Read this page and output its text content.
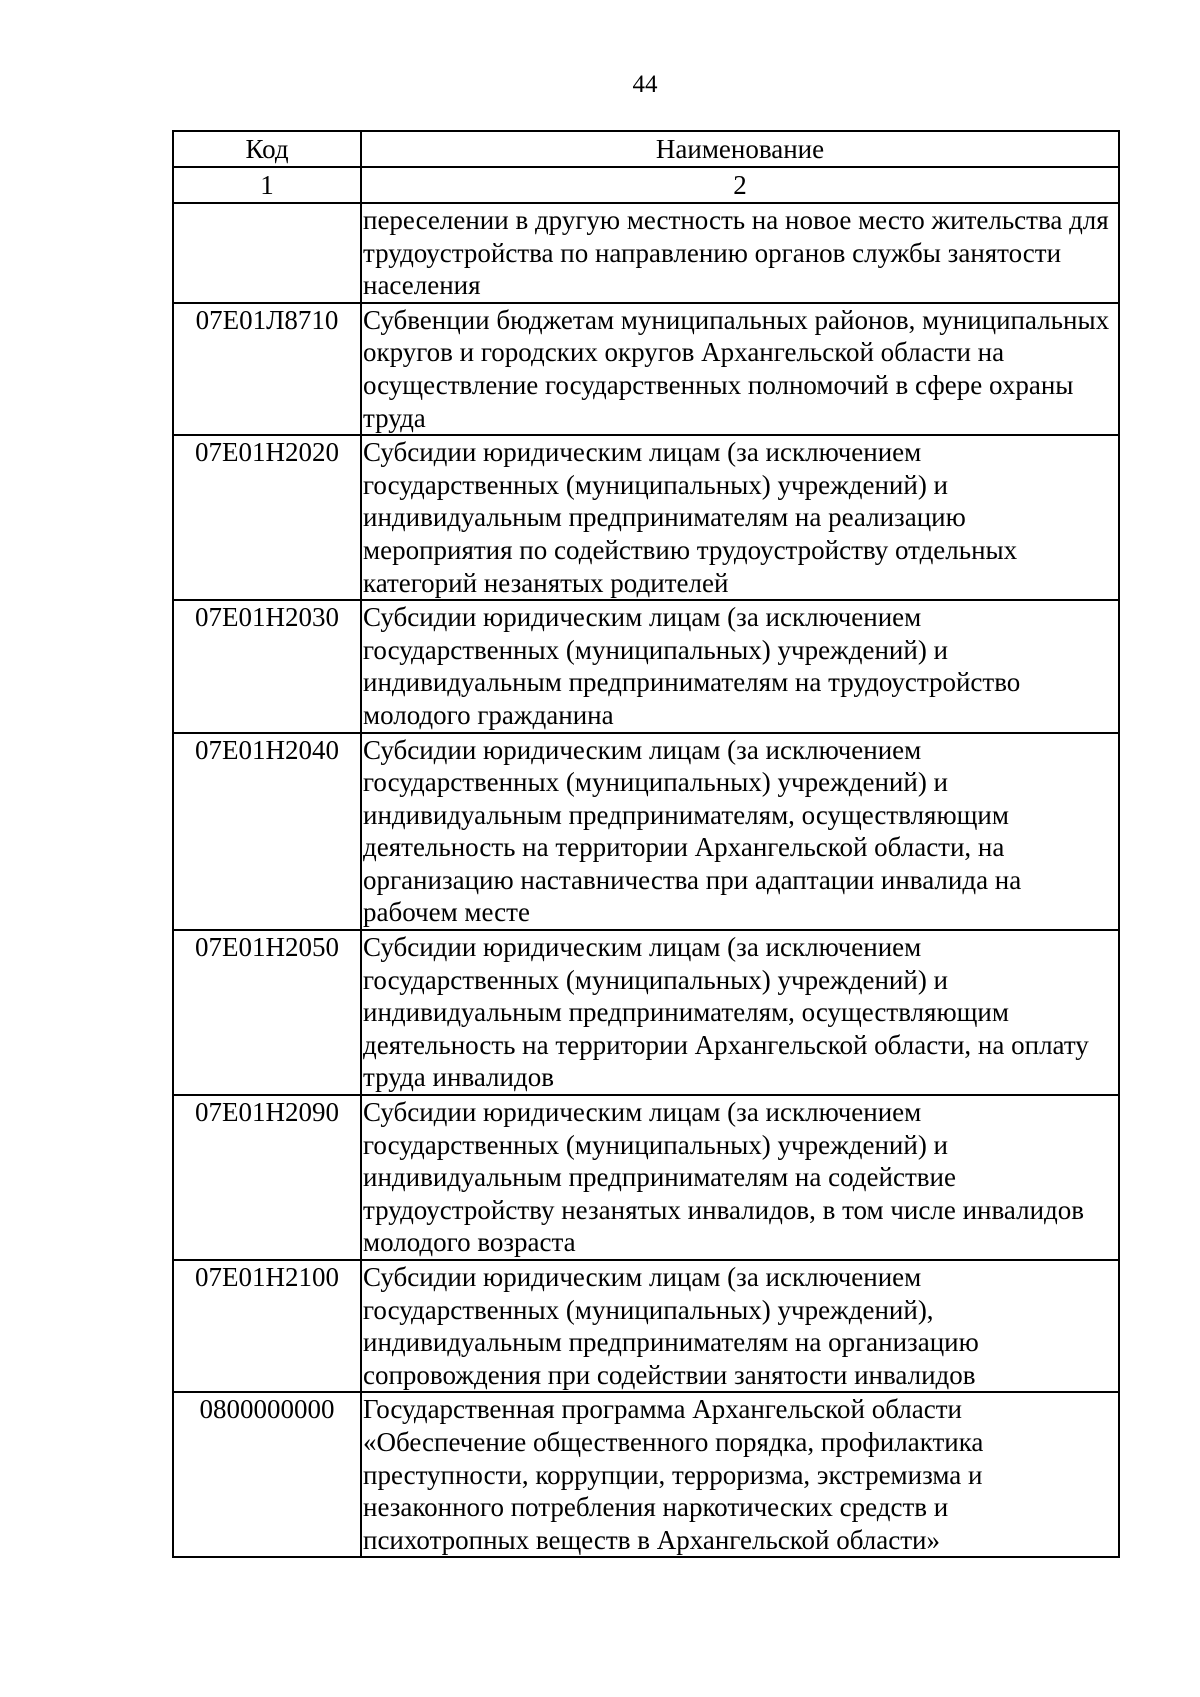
44
Код	Наименование
1	2
	переселении в другую местность на новое место жительства для трудоустройства по направлению органов службы занятости населения
07Е01Л8710	Субвенции бюджетам муниципальных районов, муниципальных округов и городских округов Архангельской области на осуществление государственных полномочий в сфере охраны труда
07Е01Н2020	Субсидии юридическим лицам (за исключением государственных (муниципальных) учреждений) и индивидуальным предпринимателям на реализацию мероприятия по содействию трудоустройству отдельных категорий незанятых родителей
07Е01Н2030	Субсидии юридическим лицам (за исключением государственных (муниципальных) учреждений) и индивидуальным предпринимателям на трудоустройство молодого гражданина
07Е01Н2040	Субсидии юридическим лицам (за исключением государственных (муниципальных) учреждений) и индивидуальным предпринимателям, осуществляющим деятельность на территории Архангельской области, на организацию наставничества при адаптации инвалида на рабочем месте
07Е01Н2050	Субсидии юридическим лицам (за исключением государственных (муниципальных) учреждений) и индивидуальным предпринимателям, осуществляющим деятельность на территории Архангельской области, на оплату труда инвалидов
07Е01Н2090	Субсидии юридическим лицам (за исключением государственных (муниципальных) учреждений) и индивидуальным предпринимателям на содействие трудоустройству незанятых инвалидов, в том числе инвалидов молодого возраста
07Е01Н2100	Субсидии юридическим лицам (за исключением государственных (муниципальных) учреждений), индивидуальным предпринимателям на организацию сопровождения при содействии занятости инвалидов
0800000000	Государственная программа Архангельской области «Обеспечение общественного порядка, профилактика преступности, коррупции, терроризма, экстремизма и незаконного потребления наркотических средств и психотропных веществ в Архангельской области»
